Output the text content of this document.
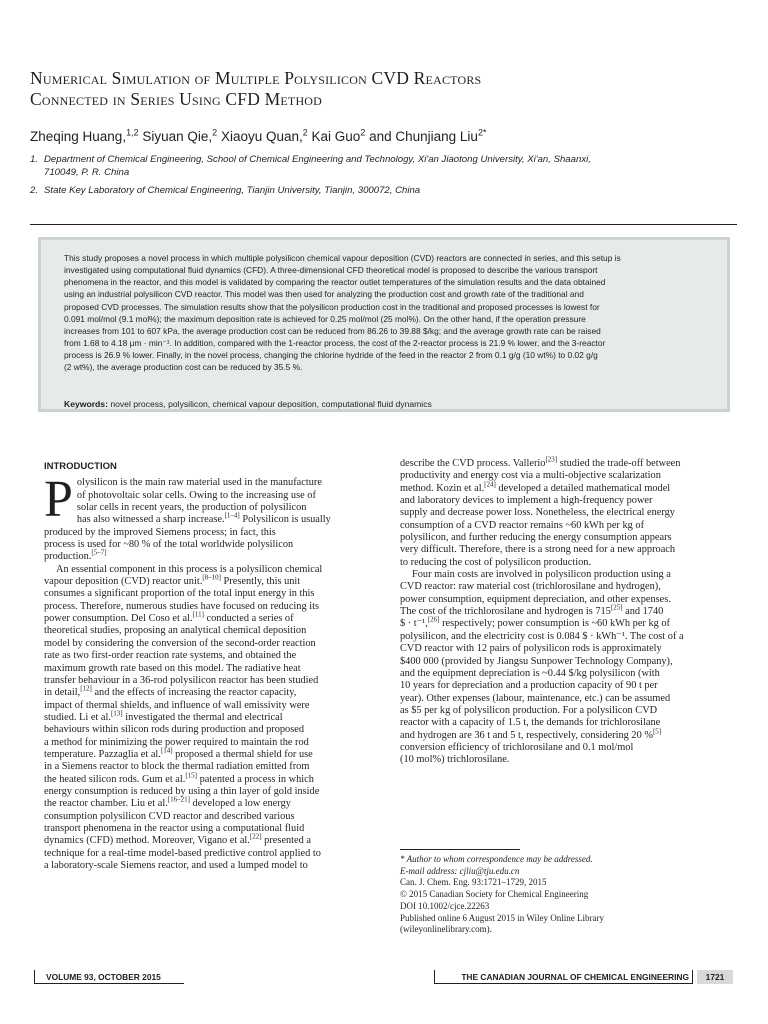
Numerical Simulation of Multiple Polysilicon CVD Reactors
Connected in Series Using CFD Method
Zheqing Huang,$^{1,2}$ Siyuan Qie,$^2$ Xiaoyu Quan,$^2$ Kai Guo$^2$ and Chunjiang Liu$^{2*}$
1. Department of Chemical Engineering, School of Chemical Engineering and Technology, Xi'an Jiaotong University, Xi'an, Shaanxi,
710049, P. R. China
2. State Key Laboratory of Chemical Engineering, Tianjin University, Tianjin, 300072, China
This study proposes a novel process in which multiple polysilicon chemical vapour deposition (CVD) reactors are connected in series, and this setup is
investigated using computational fluid dynamics (CFD). A three-dimensional CFD theoretical model is proposed to describe the various transport
phenomena in the reactor, and this model is validated by comparing the reactor outlet temperatures of the simulation results and the data obtained
using an industrial polysilicon CVD reactor. This model was then used for analyzing the production cost and growth rate of the traditional and
proposed CVD processes. The simulation results show that the polysilicon production cost in the traditional and proposed processes is lowest for
0.091 mol/mol (9.1 mol%); the maximum deposition rate is achieved for 0.25 mol/mol (25 mol%). On the other hand, if the operation pressure
increases from 101 to 607 kPa, the average production cost can be reduced from 86.26 to 39.88 $/kg; and the average growth rate can be raised
from 1.68 to 4.18 μm · min⁻¹. In addition, compared with the 1-reactor process, the cost of the 2-reactor process is 21.9 % lower, and the 3-reactor
process is 26.9 % lower. Finally, in the novel process, changing the chlorine hydride of the feed in the reactor 2 from 0.1 g/g (10 wt%) to 0.02 g/g
(2 wt%), the average production cost can be reduced by 35.5 %.
Keywords: novel process, polysilicon, chemical vapour deposition, computational fluid dynamics
INTRODUCTION
P olysilicon is the main raw material used in the manufacture
of photovoltaic solar cells. Owing to the increasing use of
solar cells in recent years, the production of polysilicon
has also witnessed a sharp increase.[1–4] Polysilicon is usually
produced by the improved Siemens process; in fact, this
process is used for ~80 % of the total worldwide polysilicon
production.[5–7]
An essential component in this process is a polysilicon chemical
vapour deposition (CVD) reactor unit.[8–10] Presently, this unit
consumes a significant proportion of the total input energy in this
process. Therefore, numerous studies have focused on reducing its
power consumption. Del Coso et al.[11] conducted a series of
theoretical studies, proposing an analytical chemical deposition
model by considering the conversion of the second-order reaction
rate as two first-order reaction rate systems, and obtained the
maximum growth rate based on this model. The radiative heat
transfer behaviour in a 36-rod polysilicon reactor has been studied
in detail,[12] and the effects of increasing the reactor capacity,
impact of thermal shields, and influence of wall emissivity were
studied. Li et al.[13] investigated the thermal and electrical
behaviours within silicon rods during production and proposed
a method for minimizing the power required to maintain the rod
temperature. Pazzaglia et al.[14] proposed a thermal shield for use
in a Siemens reactor to block the thermal radiation emitted from
the heated silicon rods. Gum et al.[15] patented a process in which
energy consumption is reduced by using a thin layer of gold inside
the reactor chamber. Liu et al.[16–21] developed a low energy
consumption polysilicon CVD reactor and described various
transport phenomena in the reactor using a computational fluid
dynamics (CFD) method. Moreover, Vigano et al.[22] presented a
technique for a real-time model-based predictive control applied to
a laboratory-scale Siemens reactor, and used a lumped model to
describe the CVD process. Vallerio[23] studied the trade-off between
productivity and energy cost via a multi-objective scalarization
method. Kozin et al.[24] developed a detailed mathematical model
and laboratory devices to implement a high-frequency power
supply and decrease power loss. Nonetheless, the electrical energy
consumption of a CVD reactor remains ~60 kWh per kg of
polysilicon, and further reducing the energy consumption appears
very difficult. Therefore, there is a strong need for a new approach
to reducing the cost of polysilicon production.
Four main costs are involved in polysilicon production using a
CVD reactor: raw material cost (trichlorosilane and hydrogen),
power consumption, equipment depreciation, and other expenses.
The cost of the trichlorosilane and hydrogen is 715[25] and 1740
$ · t⁻¹,[26] respectively; power consumption is ~60 kWh per kg of
polysilicon, and the electricity cost is 0.084 $ · kWh⁻¹. The cost of a
CVD reactor with 12 pairs of polysilicon rods is approximately
$400 000 (provided by Jiangsu Sunpower Technology Company),
and the equipment depreciation is ~0.44 $/kg polysilicon (with
10 years for depreciation and a production capacity of 90 t per
year). Other expenses (labour, maintenance, etc.) can be assumed
as $5 per kg of polysilicon production. For a polysilicon CVD
reactor with a capacity of 1.5 t, the demands for trichlorosilane
and hydrogen are 36 t and 5 t, respectively, considering 20 %[5]
conversion efficiency of trichlorosilane and 0.1 mol/mol
(10 mol%) trichlorosilane.
* Author to whom correspondence may be addressed.
E-mail address: cjliu@tju.edu.cn
Can. J. Chem. Eng. 93:1721–1729, 2015
© 2015 Canadian Society for Chemical Engineering
DOI 10.1002/cjce.22263
Published online 6 August 2015 in Wiley Online Library
(wileyonlinelibrary.com).
VOLUME 93, OCTOBER 2015	THE CANADIAN JOURNAL OF CHEMICAL ENGINEERING	1721
